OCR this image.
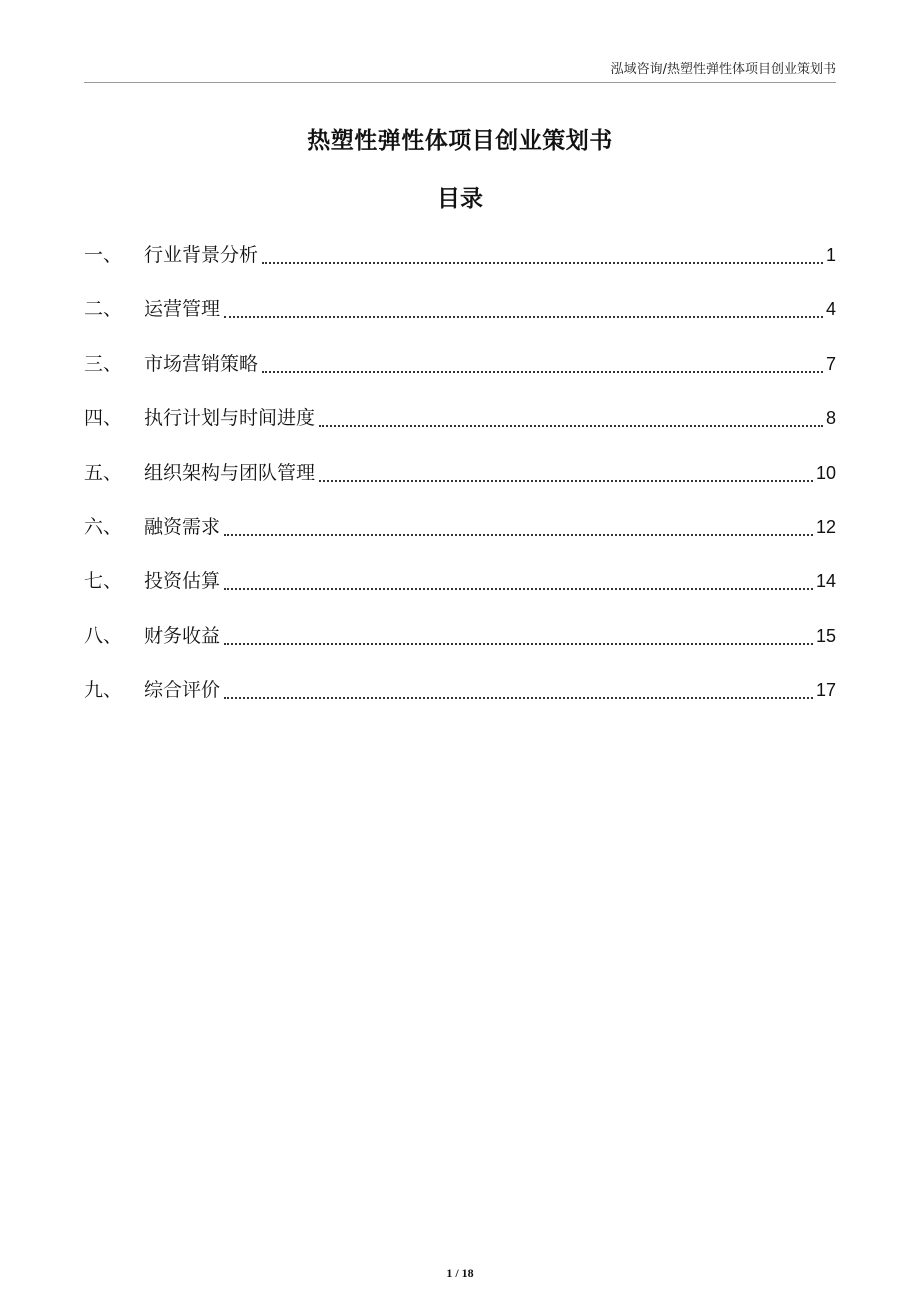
泓域咨询/热塑性弹性体项目创业策划书
热塑性弹性体项目创业策划书
目录
一、	行业背景分析	1
二、	运营管理	4
三、	市场营销策略	7
四、	执行计划与时间进度	8
五、	组织架构与团队管理	10
六、	融资需求	12
七、	投资估算	14
八、	财务收益	15
九、	综合评价	17
1 / 18
